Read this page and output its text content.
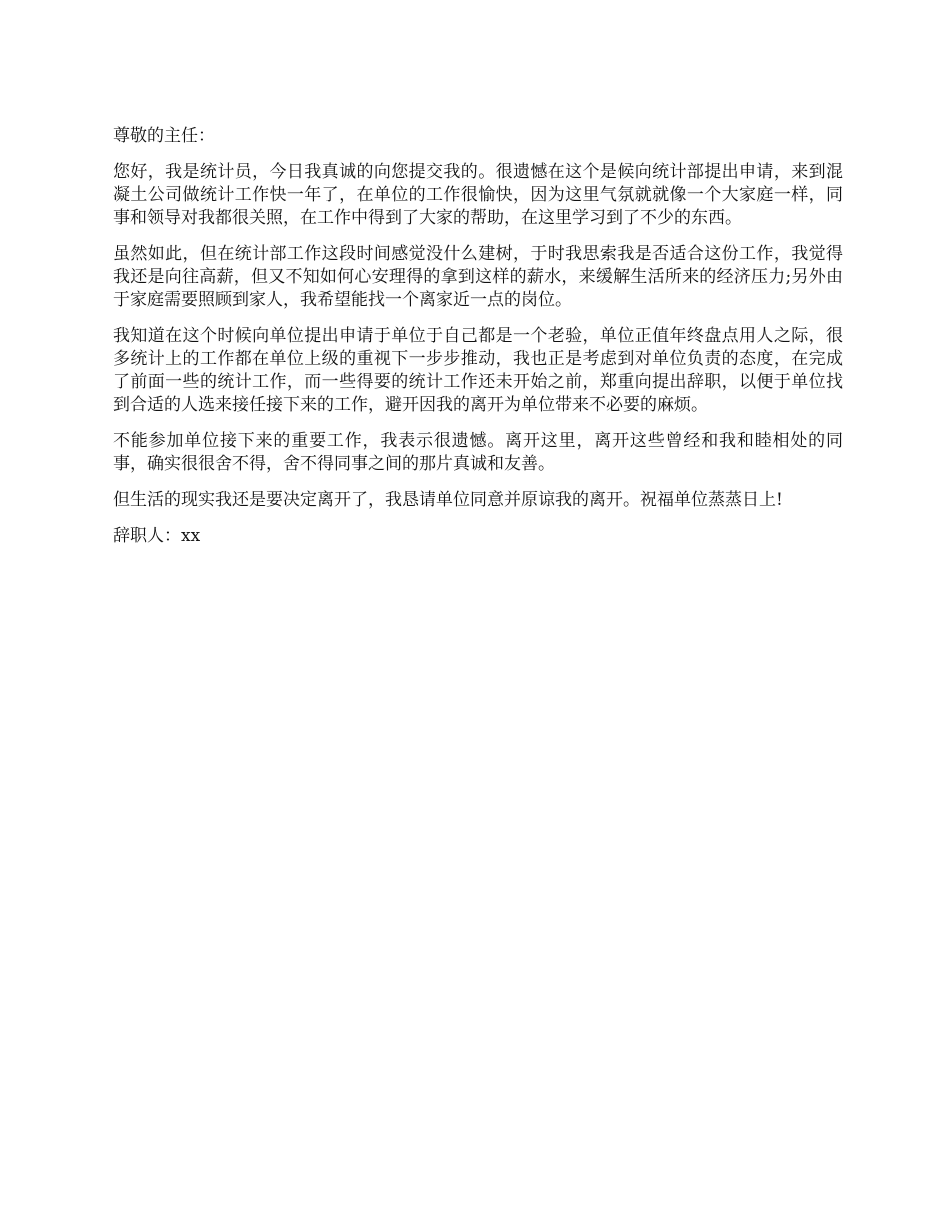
尊敬的主任：

您好，我是统计员，今日我真诚的向您提交我的。很遗憾在这个是候向统计部提出申请，来到混凝土公司做统计工作快一年了，在单位的工作很愉快，因为这里气氛就就像一个大家庭一样，同事和领导对我都很关照，在工作中得到了大家的帮助，在这里学习到了不少的东西。

虽然如此，但在统计部工作这段时间感觉没什么建树，于时我思索我是否适合这份工作，我觉得我还是向往高薪，但又不知如何心安理得的拿到这样的薪水，来缓解生活所来的经济压力;另外由于家庭需要照顾到家人，我希望能找一个离家近一点的岗位。

我知道在这个时候向单位提出申请于单位于自己都是一个老验，单位正值年终盘点用人之际，很多统计上的工作都在单位上级的重视下一步步推动，我也正是考虑到对单位负责的态度，在完成了前面一些的统计工作，而一些得要的统计工作还未开始之前，郑重向提出辞职，以便于单位找到合适的人选来接任接下来的工作，避开因我的离开为单位带来不必要的麻烦。

不能参加单位接下来的重要工作，我表示很遗憾。离开这里，离开这些曾经和我和睦相处的同事，确实很很舍不得，舍不得同事之间的那片真诚和友善。

但生活的现实我还是要决定离开了，我恳请单位同意并原谅我的离开。祝福单位蒸蒸日上!

辞职人：xx
